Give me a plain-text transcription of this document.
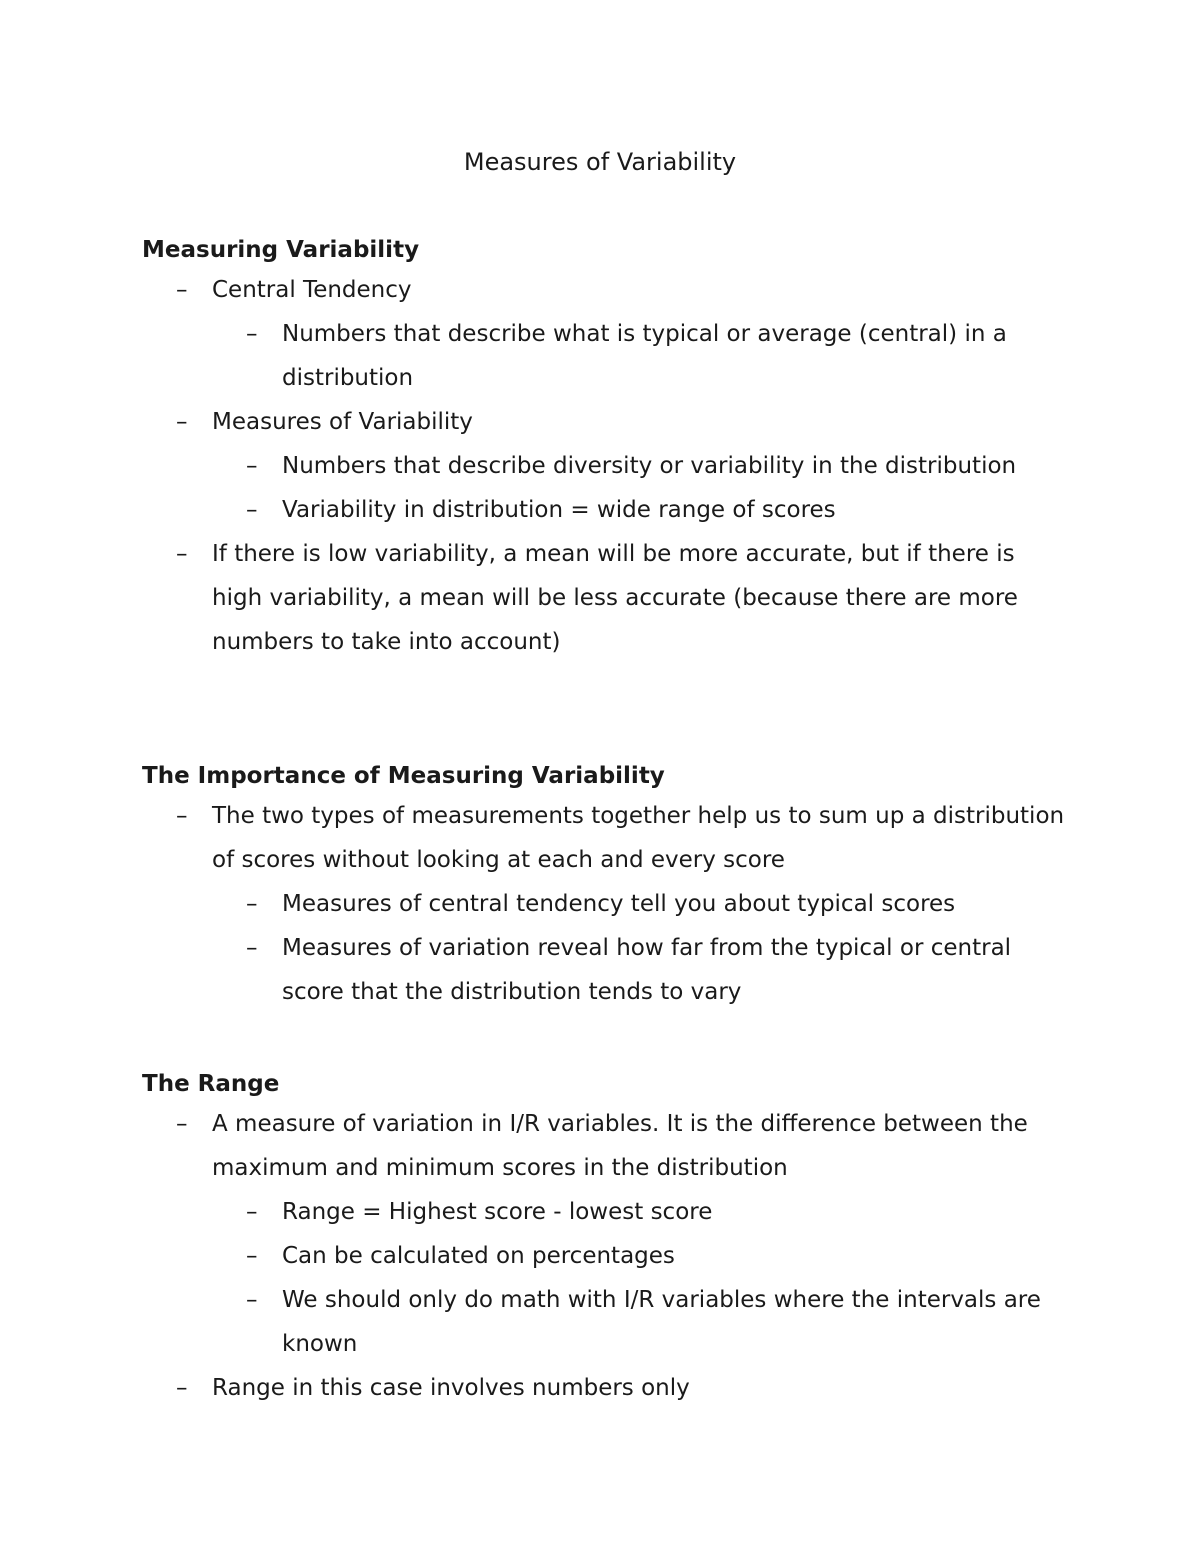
Measures of Variability
Measuring Variability
–	Central Tendency
–	Numbers that describe what is typical or average (central) in a distribution
–	Measures of Variability
–	Numbers that describe diversity or variability in the distribution
–	Variability in distribution = wide range of scores
–	If there is low variability, a mean will be more accurate, but if there is high variability, a mean will be less accurate (because there are more numbers to take into account)
The Importance of Measuring Variability
–	The two types of measurements together help us to sum up a distribution of scores without looking at each and every score
–	Measures of central tendency tell you about typical scores
–	Measures of variation reveal how far from the typical or central score that the distribution tends to vary
The Range
–	A measure of variation in I/R variables. It is the difference between the maximum and minimum scores in the distribution
–	Range = Highest score - lowest score
–	Can be calculated on percentages
–	We should only do math with I/R variables where the intervals are known
–	Range in this case involves numbers only
